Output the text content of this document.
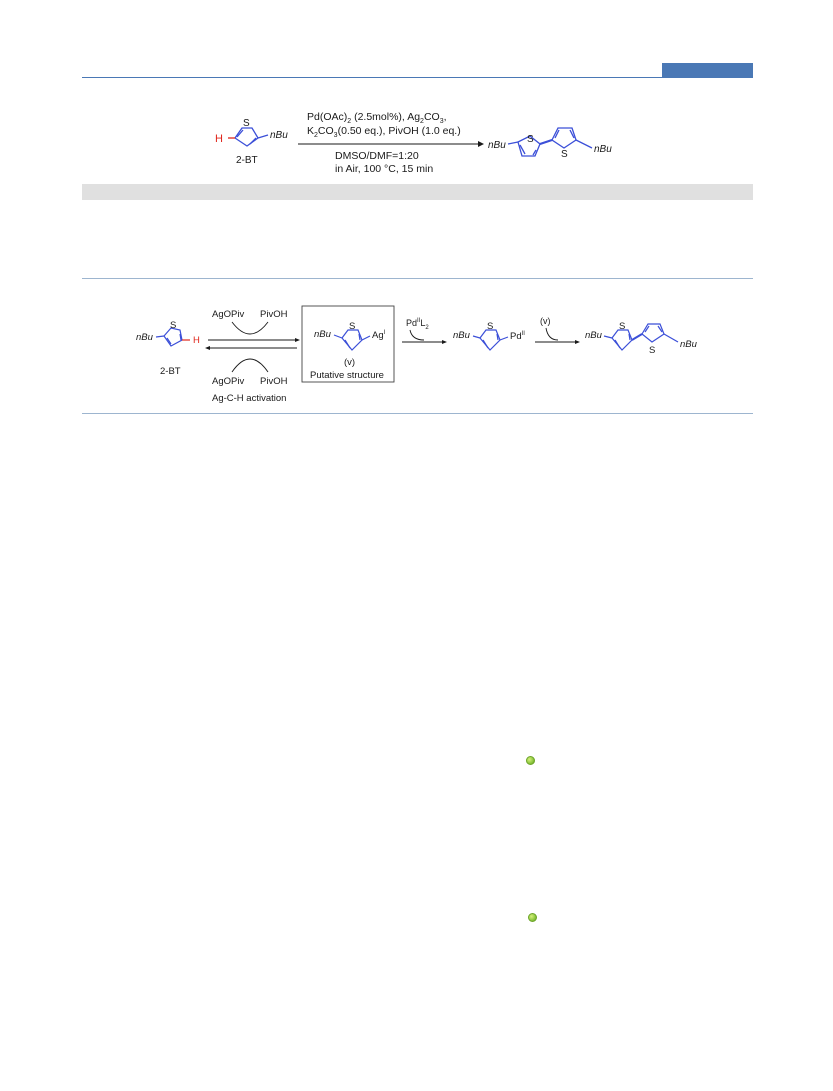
H
S
nBu
2-BT
$Pd(OAc)_2$ (2.5mol%), $Ag_2CO_3$,
$K_2CO_3(0.50$ eq.), PivOH (1.0 eq.)
DMSO/DMF=1:20
in Air, 100 °C, 15 min
nBu
S
S	nBu
nBu
S
H
2-BT
AgOPiv PivOH
AgOPiv PivOH
Ag-C-H activation
nBu
S
$Ag^I$
(v)
Putative structure
$Pd^{II}L_2$
nBu
S
$Pd^{II}$
(v)
nBu
S
S
nBu
